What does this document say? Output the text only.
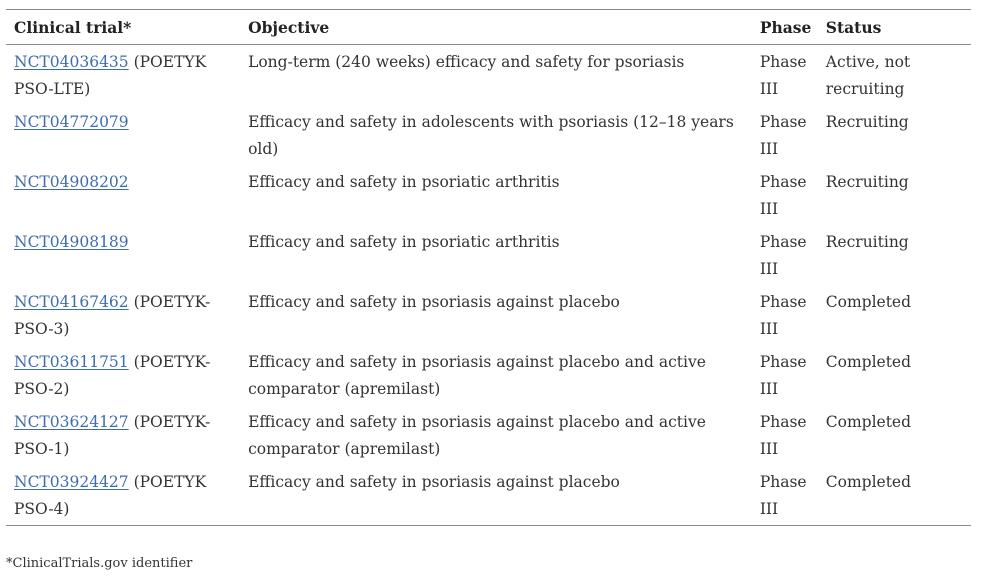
Clinical trial*	Objective	Phase	Status
NCT04036435 (POETYK PSO-LTE)	Long-term (240 weeks) efficacy and safety for psoriasis	Phase III	Active, not recruiting
NCT04772079	Efficacy and safety in adolescents with psoriasis (12–18 years old)	Phase III	Recruiting
NCT04908202	Efficacy and safety in psoriatic arthritis	Phase III	Recruiting
NCT04908189	Efficacy and safety in psoriatic arthritis	Phase III	Recruiting
NCT04167462 (POETYK-PSO-3)	Efficacy and safety in psoriasis against placebo	Phase III	Completed
NCT03611751 (POETYK-PSO-2)	Efficacy and safety in psoriasis against placebo and active comparator (apremilast)	Phase III	Completed
NCT03624127 (POETYK-PSO-1)	Efficacy and safety in psoriasis against placebo and active comparator (apremilast)	Phase III	Completed
NCT03924427 (POETYK PSO-4)	Efficacy and safety in psoriasis against placebo	Phase III	Completed
*ClinicalTrials.gov identifier
